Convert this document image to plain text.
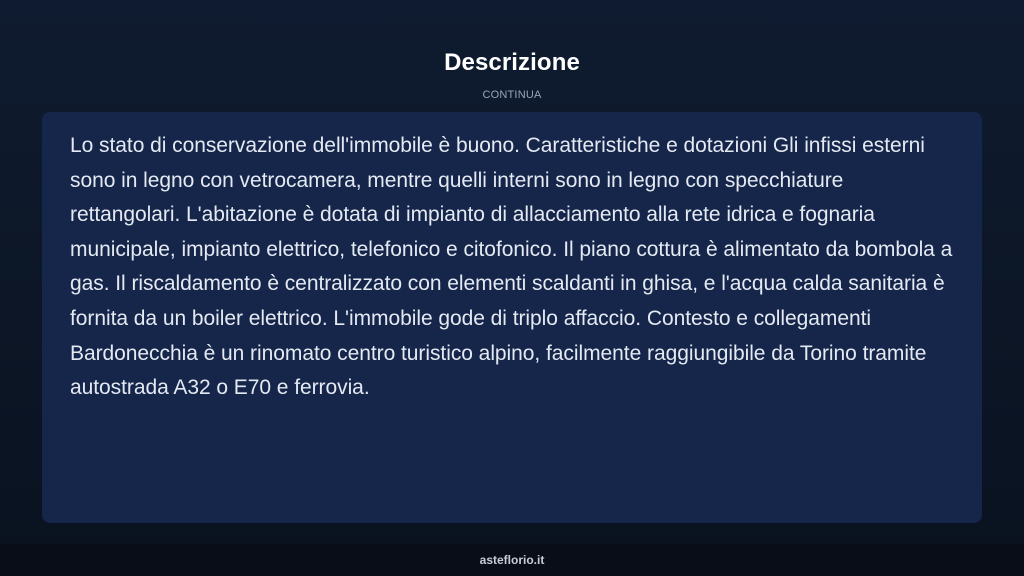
Descrizione
CONTINUA

Lo stato di conservazione dell'immobile è buono. Caratteristiche e dotazioni Gli infissi esterni sono in legno con vetrocamera, mentre quelli interni sono in legno con specchiature rettangolari. L'abitazione è dotata di impianto di allacciamento alla rete idrica e fognaria municipale, impianto elettrico, telefonico e citofonico. Il piano cottura è alimentato da bombola a gas. Il riscaldamento è centralizzato con elementi scaldanti in ghisa, e l'acqua calda sanitaria è fornita da un boiler elettrico. L'immobile gode di triplo affaccio. Contesto e collegamenti Bardonecchia è un rinomato centro turistico alpino, facilmente raggiungibile da Torino tramite autostrada A32 o E70 e ferrovia.

asteflorio.it
